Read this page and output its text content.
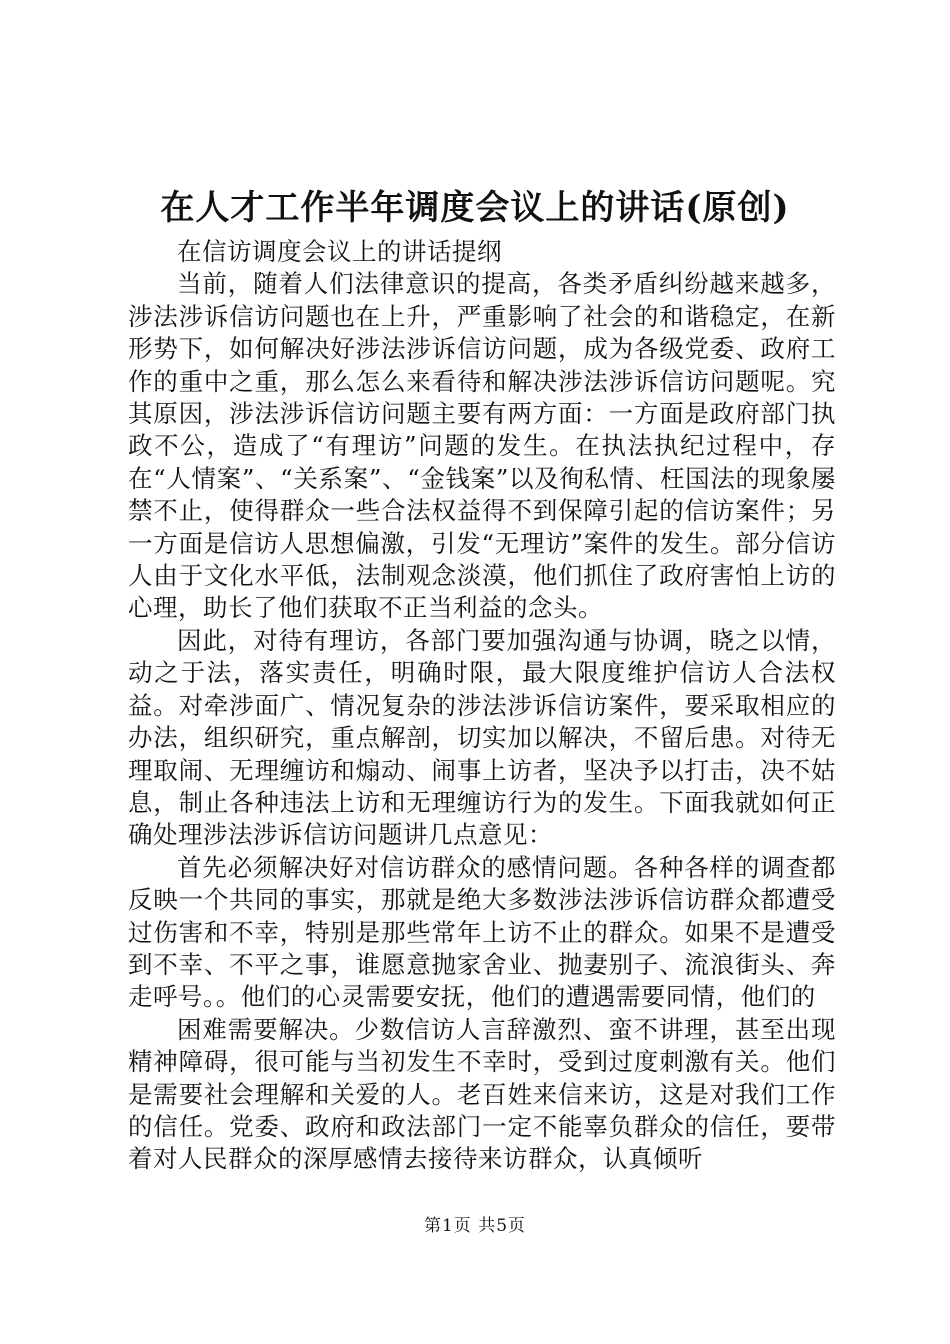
在人才工作半年调度会议上的讲话(原创)

在信访调度会议上的讲话提纲

当前，随着人们法律意识的提高，各类矛盾纠纷越来越多，涉法涉诉信访问题也在上升，严重影响了社会的和谐稳定，在新形势下，如何解决好涉法涉诉信访问题，成为各级党委、政府工作的重中之重，那么怎么来看待和解决涉法涉诉信访问题呢。究其原因，涉法涉诉信访问题主要有两方面：一方面是政府部门执政不公，造成了“有理访”问题的发生。在执法执纪过程中，存在“人情案”、“关系案”、“金钱案”以及徇私情、枉国法的现象屡禁不止，使得群众一些合法权益得不到保障引起的信访案件；另一方面是信访人思想偏激，引发“无理访”案件的发生。部分信访人由于文化水平低，法制观念淡漠，他们抓住了政府害怕上访的心理，助长了他们获取不正当利益的念头。

因此，对待有理访，各部门要加强沟通与协调，晓之以情，动之于法，落实责任，明确时限，最大限度维护信访人合法权益。对牵涉面广、情况复杂的涉法涉诉信访案件，要采取相应的办法，组织研究，重点解剖，切实加以解决，不留后患。对待无理取闹、无理缠访和煽动、闹事上访者，坚决予以打击，决不姑息，制止各种违法上访和无理缠访行为的发生。下面我就如何正确处理涉法涉诉信访问题讲几点意见：

首先必须解决好对信访群众的感情问题。各种各样的调查都反映一个共同的事实，那就是绝大多数涉法涉诉信访群众都遭受过伤害和不幸，特别是那些常年上访不止的群众。如果不是遭受到不幸、不平之事，谁愿意抛家舍业、抛妻别子、流浪街头、奔走呼号。。他们的心灵需要安抚，他们的遭遇需要同情，他们的

困难需要解决。少数信访人言辞激烈、蛮不讲理，甚至出现精神障碍，很可能与当初发生不幸时，受到过度刺激有关。他们是需要社会理解和关爱的人。老百姓来信来访，这是对我们工作的信任。党委、政府和政法部门一定不能辜负群众的信任，要带着对人民群众的深厚感情去接待来访群众，认真倾听

第1页 共5页
